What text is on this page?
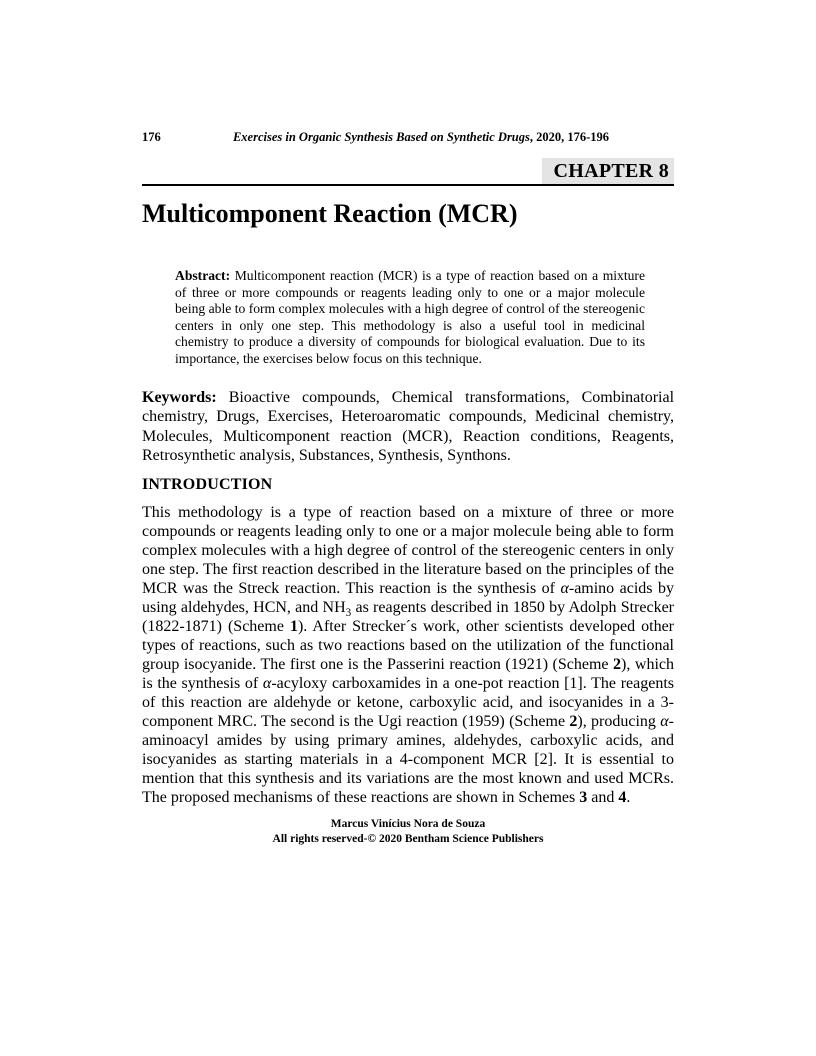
176	Exercises in Organic Synthesis Based on Synthetic Drugs, 2020, 176-196
CHAPTER 8
Multicomponent Reaction (MCR)

Abstract: Multicomponent reaction (MCR) is a type of reaction based on a mixture of three or more compounds or reagents leading only to one or a major molecule being able to form complex molecules with a high degree of control of the stereogenic centers in only one step. This methodology is also a useful tool in medicinal chemistry to produce a diversity of compounds for biological evaluation. Due to its importance, the exercises below focus on this technique.

Keywords: Bioactive compounds, Chemical transformations, Combinatorial chemistry, Drugs, Exercises, Heteroaromatic compounds, Medicinal chemistry, Molecules, Multicomponent reaction (MCR), Reaction conditions, Reagents, Retrosynthetic analysis, Substances, Synthesis, Synthons.

INTRODUCTION

This methodology is a type of reaction based on a mixture of three or more compounds or reagents leading only to one or a major molecule being able to form complex molecules with a high degree of control of the stereogenic centers in only one step. The first reaction described in the literature based on the principles of the MCR was the Streck reaction. This reaction is the synthesis of α-amino acids by using aldehydes, HCN, and $NH_3$ as reagents described in 1850 by Adolph Strecker (1822-1871) (Scheme 1). After Strecker´s work, other scientists developed other types of reactions, such as two reactions based on the utilization of the functional group isocyanide. The first one is the Passerini reaction (1921) (Scheme 2), which is the synthesis of α-acyloxy carboxamides in a one-pot reaction [1]. The reagents of this reaction are aldehyde or ketone, carboxylic acid, and isocyanides in a 3-component MRC. The second is the Ugi reaction (1959) (Scheme 2), producing α-aminoacyl amides by using primary amines, aldehydes, carboxylic acids, and isocyanides as starting materials in a 4-component MCR [2]. It is essential to mention that this synthesis and its variations are the most known and used MCRs. The proposed mechanisms of these reactions are shown in Schemes 3 and 4.

Marcus Vinícius Nora de Souza
All rights reserved-© 2020 Bentham Science Publishers
